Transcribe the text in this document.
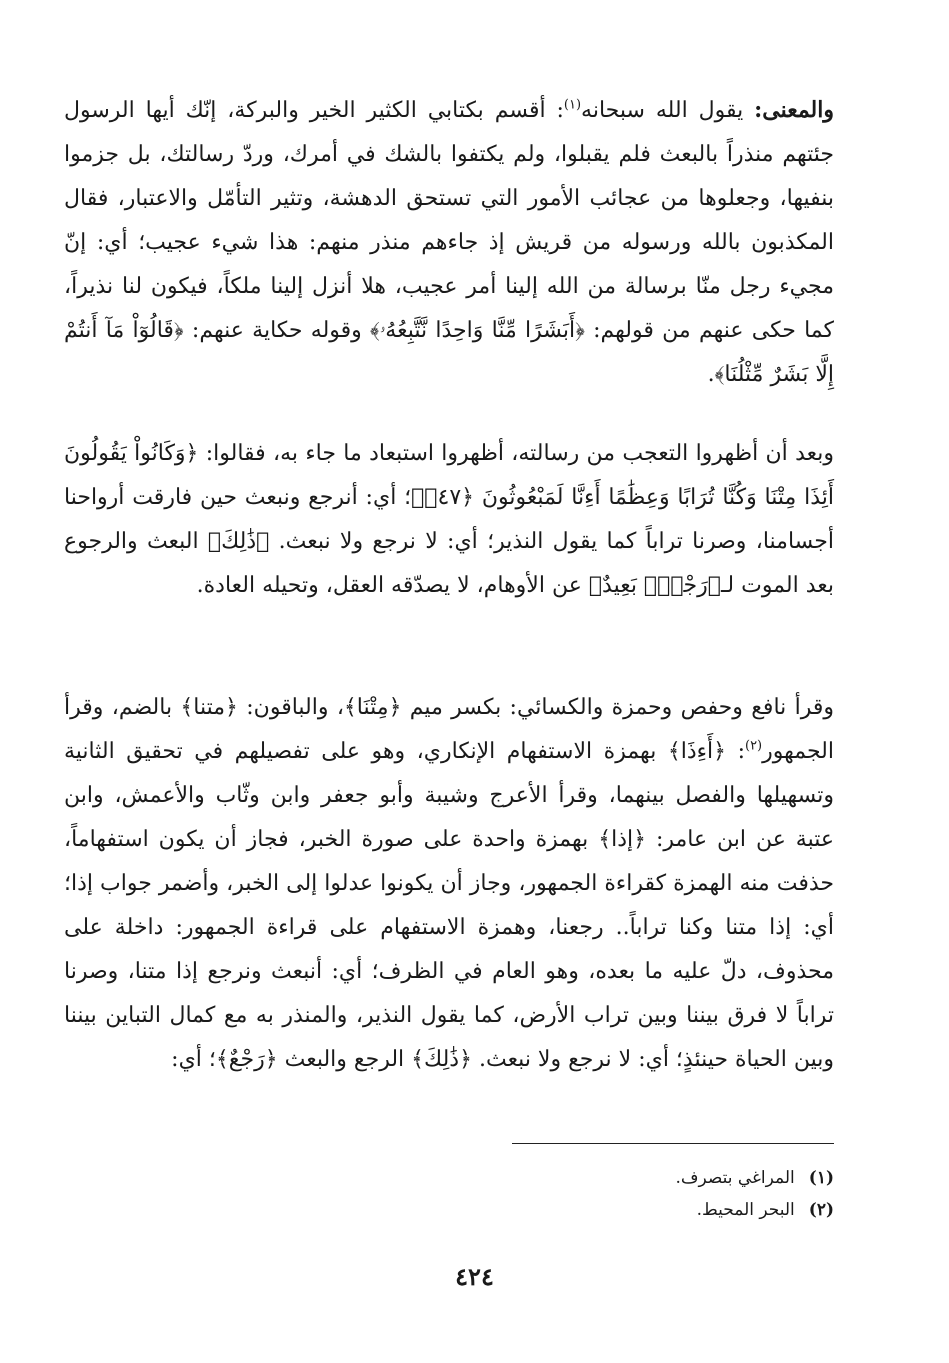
والمعنى: يقول الله سبحانه$^{(١)}$: أقسم بكتابي الكثير الخير والبركة، إنّك أيها الرسول جئتهم منذراً بالبعث فلم يقبلوا، ولم يكتفوا بالشك في أمرك، وردّ رسالتك، بل جزموا بنفيها، وجعلوها من عجائب الأمور التي تستحق الدهشة، وتثير التأمّل والاعتبار، فقال المكذبون بالله ورسوله من قريش إذ جاءهم منذر منهم: هذا شيء عجيب؛ أي: إنّ مجيء رجل منّا برسالة من الله إلينا أمر عجيب، هلا أنزل إلينا ملكاً، فيكون لنا نذيراً، كما حكى عنهم من قولهم: ﴿أَبَشَرًا مِّنَّا وَاحِدًا نَّتَّبِعُهُۥ﴾ وقوله حكاية عنهم: ﴿قَالُوٓاْ مَآ أَنتُمْ إِلَّا بَشَرٌ مِّثْلُنَا﴾.

وبعد أن أظهروا التعجب من رسالته، أظهروا استبعاد ما جاء به، فقالوا: ﴿وَكَانُواْ يَقُولُونَ أَئِذَا مِتْنَا وَكُنَّا تُرَابًا وَعِظَٰمًا أَءِنَّا لَمَبْعُوثُونَ ﴿٤٧﴾﴾؛ أي: أنرجع ونبعث حين فارقت أرواحنا أجسامنا، وصرنا تراباً كما يقول النذير؛ أي: لا نرجع ولا نبعث. ﴿ذَٰلِكَ﴾ البعث والرجوع بعد الموت لـ﴿رَجْعٌۢ بَعِيدٌ﴾ عن الأوهام، لا يصدّقه العقل، وتحيله العادة.

وقرأ نافع وحفص وحمزة والكسائي: بكسر ميم ﴿مِتْنَا﴾، والباقون: ﴿متنا﴾ بالضم، وقرأ الجمهور$^{(٢)}$: ﴿أَءِذَا﴾ بهمزة الاستفهام الإنكاري، وهو على تفصيلهم في تحقيق الثانية وتسهيلها والفصل بينهما، وقرأ الأعرج وشيبة وأبو جعفر وابن وثّاب والأعمش، وابن عتبة عن ابن عامر: ﴿إذا﴾ بهمزة واحدة على صورة الخبر، فجاز أن يكون استفهاماً، حذفت منه الهمزة كقراءة الجمهور، وجاز أن يكونوا عدلوا إلى الخبر، وأضمر جواب إذا؛ أي: إذا متنا وكنا تراباً.. رجعنا، وهمزة الاستفهام على قراءة الجمهور: داخلة على محذوف، دلّ عليه ما بعده، وهو العام في الظرف؛ أي: أنبعث ونرجع إذا متنا، وصرنا تراباً لا فرق بيننا وبين تراب الأرض، كما يقول النذير، والمنذر به مع كمال التباين بيننا وبين الحياة حينئذٍ؛ أي: لا نرجع ولا نبعث. ﴿ذَٰلِكَ﴾ الرجع والبعث ﴿رَجْعٌ﴾؛ أي:

(١)المراغي بتصرف.
(٢)البحر المحيط.
٤٢٤
